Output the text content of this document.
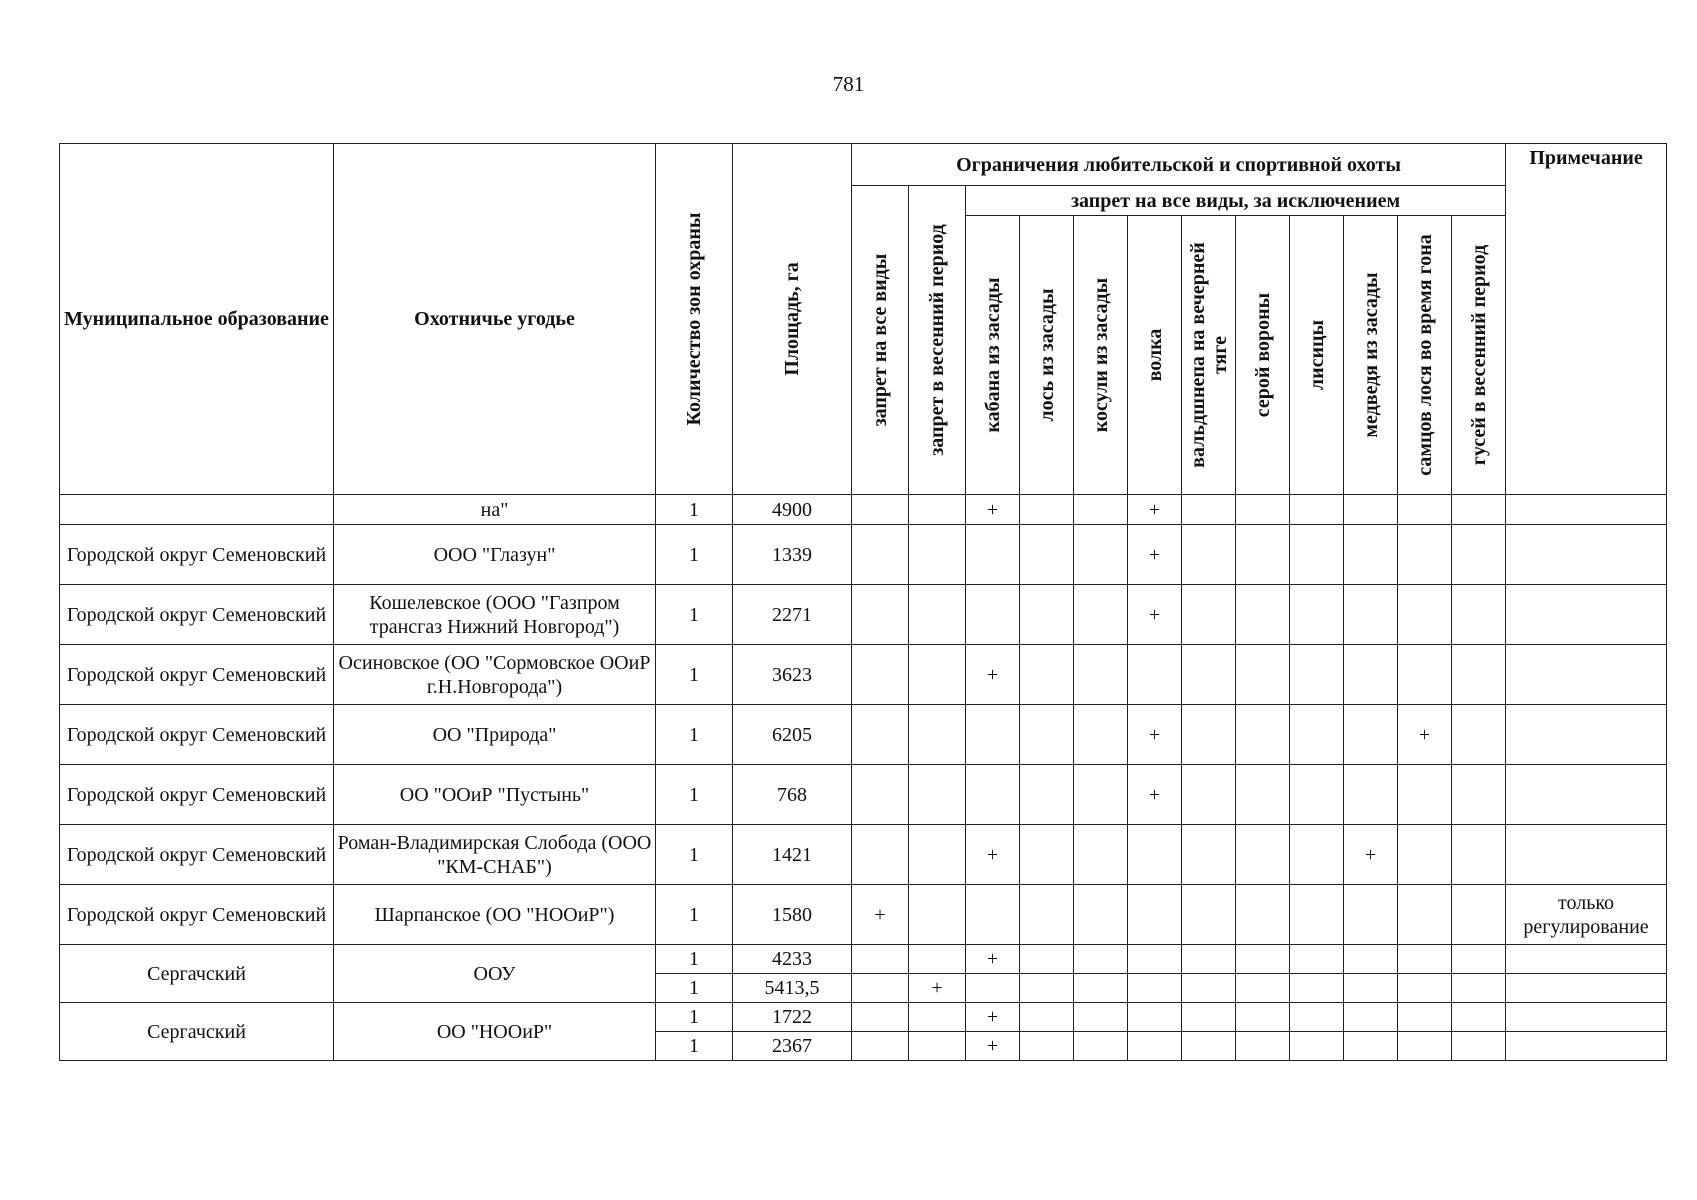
781
Муниципальное образование	Охотничье угодье	Количество зон охраны	Площадь, га	Ограничения любительской и спортивной охоты												Примечание

				запрет на все виды	запрет в весенний период	запрет на все виды, за исключением										

						кабана из засады	лось из засады	косули из засады	волка	вальдшнепа на вечерней тяге	серой вороны	лисицы	медведя из засады	самцов лося во время гона	гусей в весенний период	

	на"	1	4900			+			+							
Городской округ Семеновский	ООО "Глазун"	1	1339						+							
Городской округ Семеновский	Кошелевское (ООО "Газпром трансгаз Нижний Новгород")	1	2271						+							
Городской округ Семеновский	Осиновское (ОО "Сормовское ООиР г.Н.Новгорода")	1	3623			+										
Городской округ Семеновский	ОО "Природа"	1	6205						+					+		
Городской округ Семеновский	ОО "ООиР "Пустынь"	1	768						+							
Городской округ Семеновский	Роман-Владимирская Слобода (ООО "КМ-СНАБ")	1	1421			+							+			
Городской округ Семеновский	Шарпанское (ОО "НООиР")	1	1580	+												только регулирование
Сергачский	ООУ	1	4233			+										
		1	5413,5		+											
Сергачский	ОО "НООиР"	1	1722			+										
		1	2367			+										
